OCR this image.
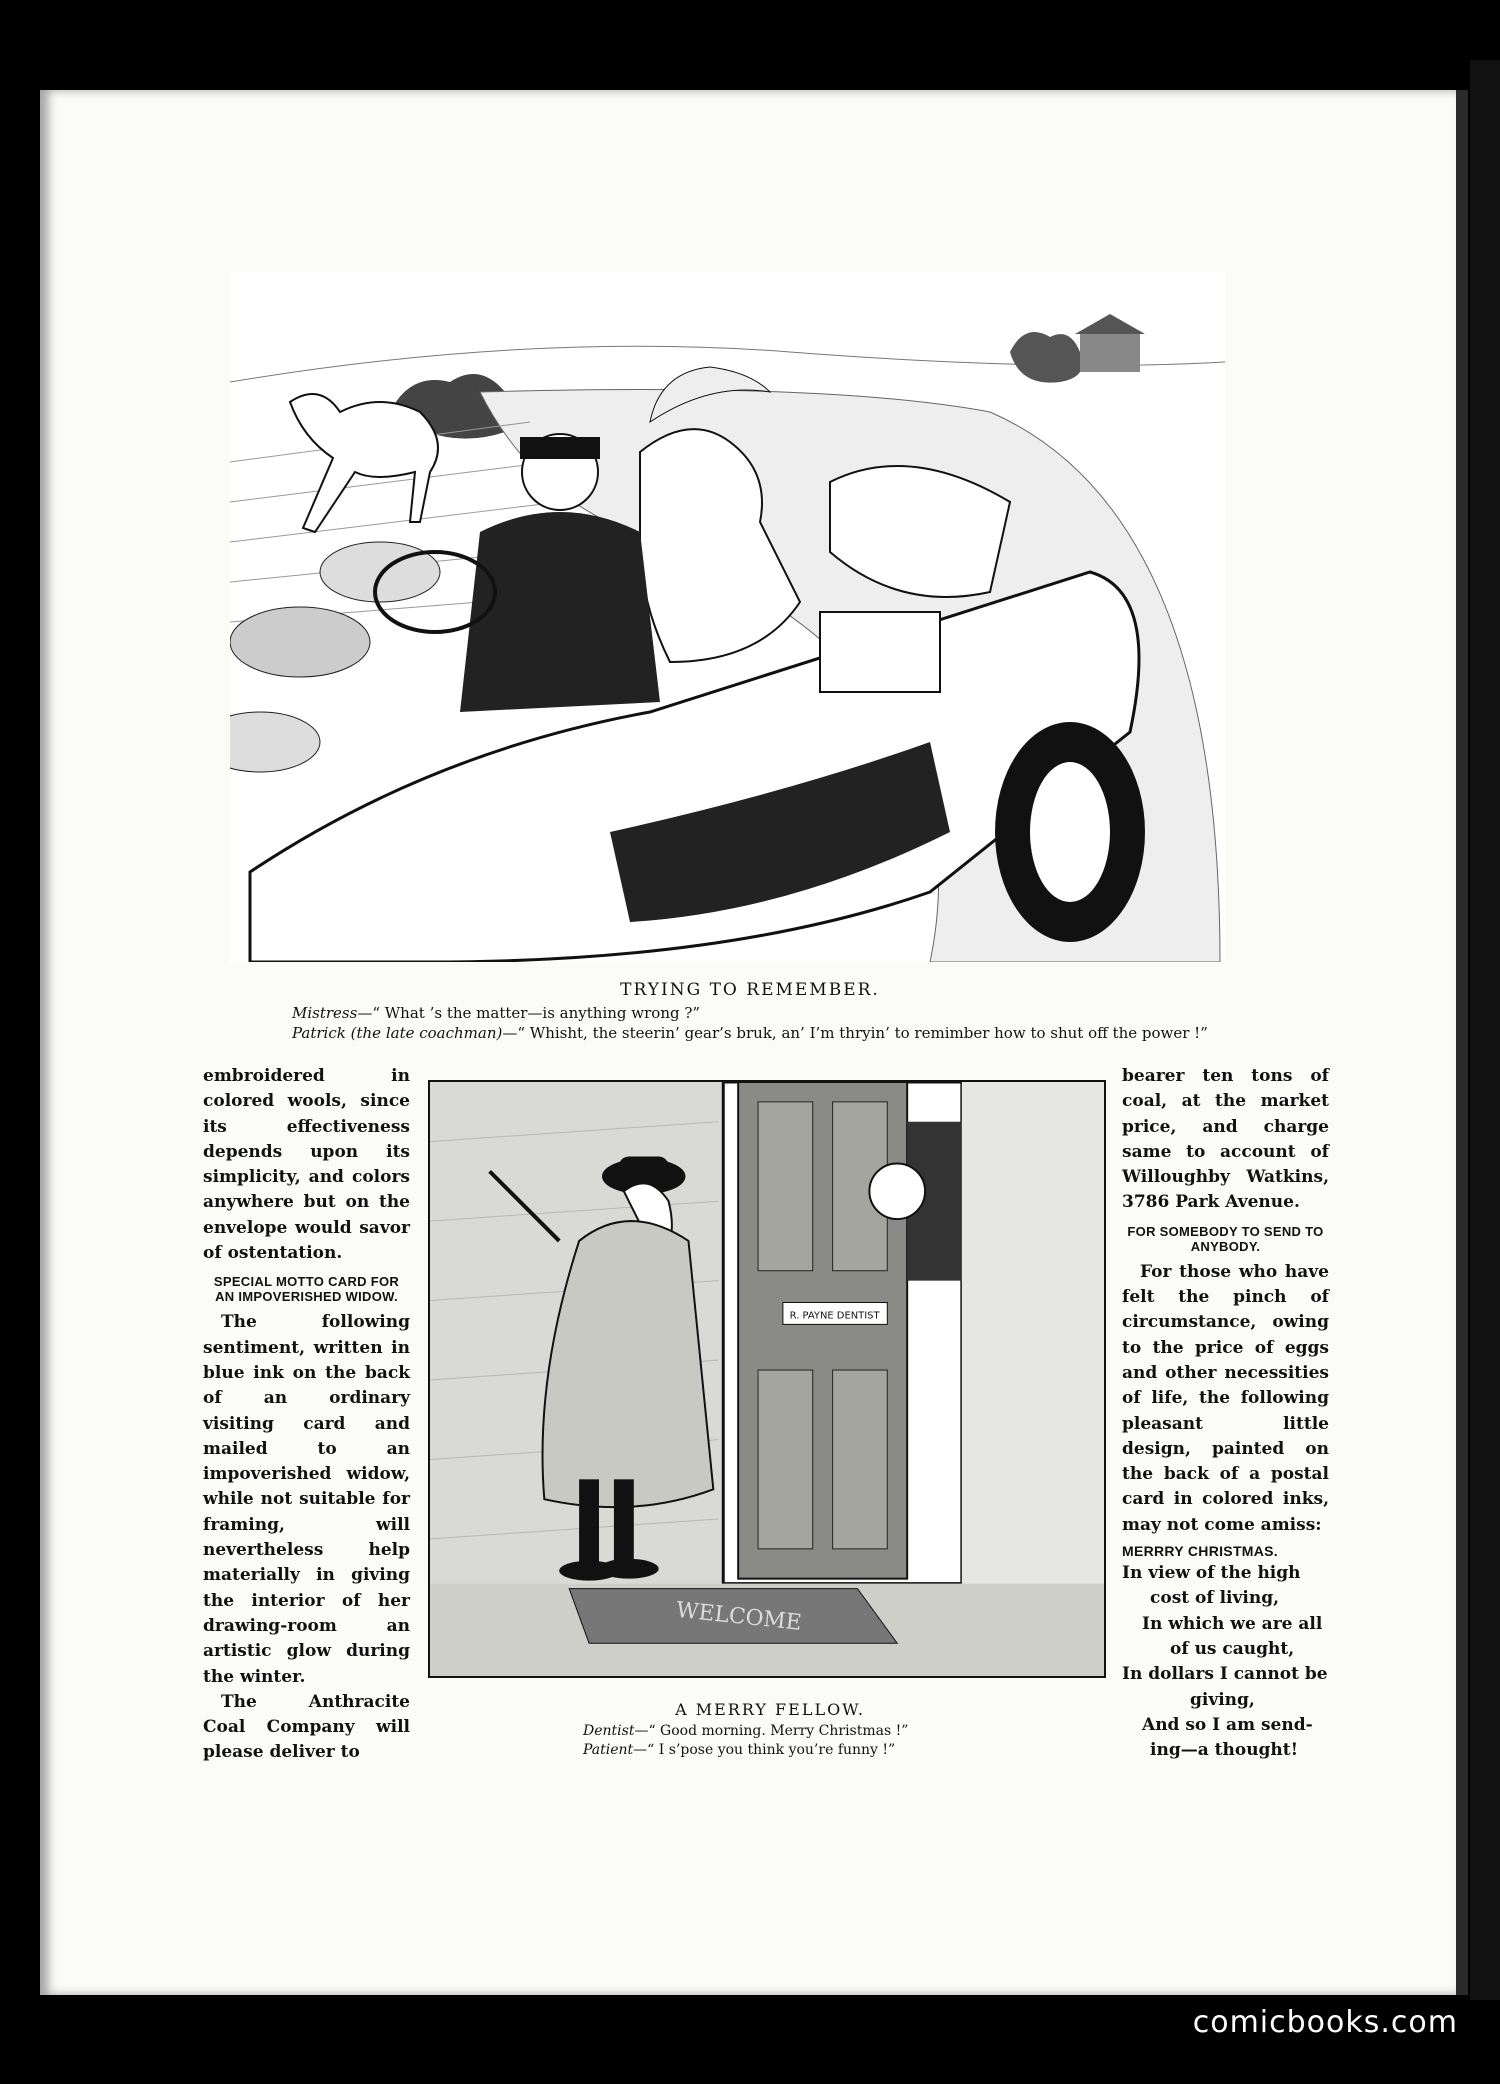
TRYING TO REMEMBER.
Mistress—“ What ’s the matter—is anything wrong ?”
Patrick (the late coachman)—“ Whisht, the steerin’ gear’s bruk, an’ I’m thryin’ to remimber how to shut off the power !”
R. PAYNE DENTIST
WELCOME
A MERRY FELLOW.
Dentist—“ Good morning. Merry Christmas !”
Patient—“ I s’pose you think you’re funny !”

embroidered in colored wools, since its effectiveness depends upon its simplicity, and colors anywhere but on the envelope would savor of ostentation.

SPECIAL MOTTO CARD FOR AN IMPOVERISHED WIDOW.

The following sentiment, written in blue ink on the back of an ordinary visiting card and mailed to an impoverished widow, while not suitable for framing, will nevertheless help materially in giving the interior of her drawing-room an artistic glow during the winter.

The Anthracite Coal Company will please deliver to

bearer ten tons of coal, at the market price, and charge same to account of Willoughby Watkins, 3786 Park Avenue.

FOR SOMEBODY TO SEND TO ANYBODY.

For those who have felt the pinch of circumstance, owing to the price of eggs and other necessities of life, the following pleasant little design, painted on the back of a postal card in colored inks, may not come amiss:

MERRRY CHRISTMAS.
In view of the high
cost of living,
In which we are all
of us caught,
In dollars I cannot be
giving,
And so I am send-
ing—a thought!
comicbooks.com
